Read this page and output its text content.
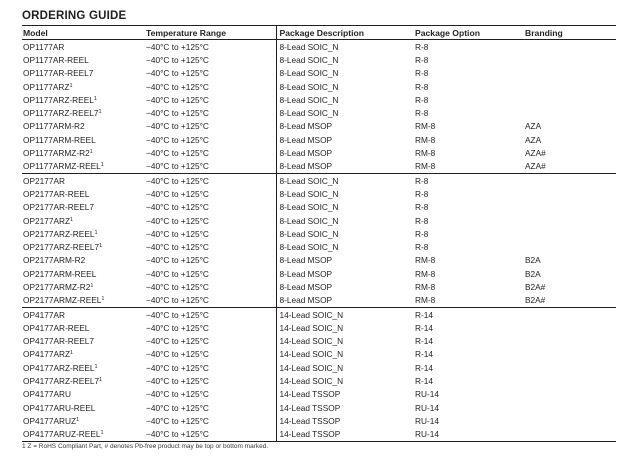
ORDERING GUIDE
Model	Temperature Range	Package Description	Package Option	Branding
OP1177AR	−40°C to +125°C	8-Lead SOIC_N	R-8	
OP1177AR-REEL	−40°C to +125°C	8-Lead SOIC_N	R-8	
OP1177AR-REEL7	−40°C to +125°C	8-Lead SOIC_N	R-8	
$OP1177ARZ^1$	−40°C to +125°C	8-Lead SOIC_N	R-8	
$OP1177ARZ-REEL^1$	−40°C to +125°C	8-Lead SOIC_N	R-8	
$OP1177ARZ-REEL7^1$	−40°C to +125°C	8-Lead SOIC_N	R-8	
OP1177ARM-R2	−40°C to +125°C	8-Lead MSOP	RM-8	AZA
OP1177ARM-REEL	−40°C to +125°C	8-Lead MSOP	RM-8	AZA
$OP1177ARMZ-R2^1$	−40°C to +125°C	8-Lead MSOP	RM-8	AZA#
$OP1177ARMZ-REEL^1$	−40°C to +125°C	8-Lead MSOP	RM-8	AZA#
OP2177AR	−40°C to +125°C	8-Lead SOIC_N	R-8	
OP2177AR-REEL	−40°C to +125°C	8-Lead SOIC_N	R-8	
OP2177AR-REEL7	−40°C to +125°C	8-Lead SOIC_N	R-8	
$OP2177ARZ^1$	−40°C to +125°C	8-Lead SOIC_N	R-8	
$OP2177ARZ-REEL^1$	−40°C to +125°C	8-Lead SOIC_N	R-8	
$OP2177ARZ-REEL7^1$	−40°C to +125°C	8-Lead SOIC_N	R-8	
OP2177ARM-R2	−40°C to +125°C	8-Lead MSOP	RM-8	B2A
OP2177ARM-REEL	−40°C to +125°C	8-Lead MSOP	RM-8	B2A
$OP2177ARMZ-R2^1$	−40°C to +125°C	8-Lead MSOP	RM-8	B2A#
$OP2177ARMZ-REEL^1$	−40°C to +125°C	8-Lead MSOP	RM-8	B2A#
OP4177AR	−40°C to +125°C	14-Lead SOIC_N	R-14	
OP4177AR-REEL	−40°C to +125°C	14-Lead SOIC_N	R-14	
OP4177AR-REEL7	−40°C to +125°C	14-Lead SOIC_N	R-14	
$OP4177ARZ^1$	−40°C to +125°C	14-Lead SOIC_N	R-14	
$OP4177ARZ-REEL^1$	−40°C to +125°C	14-Lead SOIC_N	R-14	
$OP4177ARZ-REEL7^1$	−40°C to +125°C	14-Lead SOIC_N	R-14	
OP4177ARU	−40°C to +125°C	14-Lead TSSOP	RU-14	
OP4177ARU-REEL	−40°C to +125°C	14-Lead TSSOP	RU-14	
$OP4177ARUZ^1$	−40°C to +125°C	14-Lead TSSOP	RU-14	
$OP4177ARUZ-REEL^1$	−40°C to +125°C	14-Lead TSSOP	RU-14	
1 Z = RoHS Compliant Part, # denotes Pb-free product may be top or bottom marked.
